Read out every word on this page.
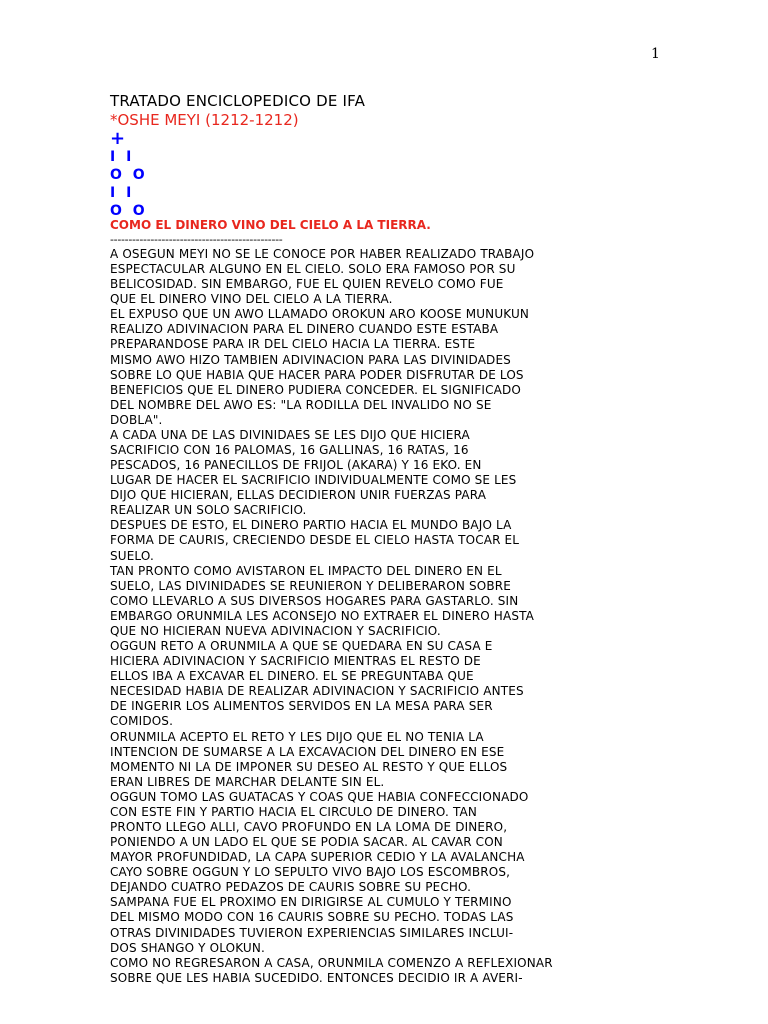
1
TRATADO ENCICLOPEDICO DE IFA
*OSHE MEYI (1212-1212)
+
I I
O O
I I
O O
COMO EL DINERO VINO DEL CIELO A LA TIERRA.
-----------------------------------------------
A OSEGUN MEYI NO SE LE CONOCE POR HABER REALIZADO TRABAJO
ESPECTACULAR ALGUNO EN EL CIELO. SOLO ERA FAMOSO POR SU
BELICOSIDAD. SIN EMBARGO, FUE EL QUIEN REVELO COMO FUE
QUE EL DINERO VINO DEL CIELO A LA TIERRA.
EL EXPUSO QUE UN AWO LLAMADO OROKUN ARO KOOSE MUNUKUN
REALIZO ADIVINACION PARA EL DINERO CUANDO ESTE ESTABA
PREPARANDOSE PARA IR DEL CIELO HACIA LA TIERRA. ESTE
MISMO AWO HIZO TAMBIEN ADIVINACION PARA LAS DIVINIDADES
SOBRE LO QUE HABIA QUE HACER PARA PODER DISFRUTAR DE LOS
BENEFICIOS QUE EL DINERO PUDIERA CONCEDER. EL SIGNIFICADO
DEL NOMBRE DEL AWO ES: "LA RODILLA DEL INVALIDO NO SE
DOBLA".
A CADA UNA DE LAS DIVINIDAES SE LES DIJO QUE HICIERA
SACRIFICIO CON 16 PALOMAS, 16 GALLINAS, 16 RATAS, 16
PESCADOS, 16 PANECILLOS DE FRIJOL (AKARA) Y 16 EKO. EN
LUGAR DE HACER EL SACRIFICIO INDIVIDUALMENTE COMO SE LES
DIJO QUE HICIERAN, ELLAS DECIDIERON UNIR FUERZAS PARA
REALIZAR UN SOLO SACRIFICIO.
DESPUES DE ESTO, EL DINERO PARTIO HACIA EL MUNDO BAJO LA
FORMA DE CAURIS, CRECIENDO DESDE EL CIELO HASTA TOCAR EL
SUELO.
TAN PRONTO COMO AVISTARON EL IMPACTO DEL DINERO EN EL
SUELO, LAS DIVINIDADES SE REUNIERON Y DELIBERARON SOBRE
COMO LLEVARLO A SUS DIVERSOS HOGARES PARA GASTARLO. SIN
EMBARGO ORUNMILA LES ACONSEJO NO EXTRAER EL DINERO HASTA
QUE NO HICIERAN NUEVA ADIVINACION Y SACRIFICIO.
OGGUN RETO A ORUNMILA A QUE SE QUEDARA EN SU CASA E
HICIERA ADIVINACION Y SACRIFICIO MIENTRAS EL RESTO DE
ELLOS IBA A EXCAVAR EL DINERO. EL SE PREGUNTABA QUE
NECESIDAD HABIA DE REALIZAR ADIVINACION Y SACRIFICIO ANTES
DE INGERIR LOS ALIMENTOS SERVIDOS EN LA MESA PARA SER
COMIDOS.
ORUNMILA ACEPTO EL RETO Y LES DIJO QUE EL NO TENIA LA
INTENCION DE SUMARSE A LA EXCAVACION DEL DINERO EN ESE
MOMENTO NI LA DE IMPONER SU DESEO AL RESTO Y QUE ELLOS
ERAN LIBRES DE MARCHAR DELANTE SIN EL.
OGGUN TOMO LAS GUATACAS Y COAS QUE HABIA CONFECCIONADO
CON ESTE FIN Y PARTIO HACIA EL CIRCULO DE DINERO. TAN
PRONTO LLEGO ALLI, CAVO PROFUNDO EN LA LOMA DE DINERO,
PONIENDO A UN LADO EL QUE SE PODIA SACAR. AL CAVAR CON
MAYOR PROFUNDIDAD, LA CAPA SUPERIOR CEDIO Y LA AVALANCHA
CAYO SOBRE OGGUN Y LO SEPULTO VIVO BAJO LOS ESCOMBROS,
DEJANDO CUATRO PEDAZOS DE CAURIS SOBRE SU PECHO.
SAMPANA FUE EL PROXIMO EN DIRIGIRSE AL CUMULO Y TERMINO
DEL MISMO MODO CON 16 CAURIS SOBRE SU PECHO. TODAS LAS
OTRAS DIVINIDADES TUVIERON EXPERIENCIAS SIMILARES INCLUI-
DOS SHANGO Y OLOKUN.
COMO NO REGRESARON A CASA, ORUNMILA COMENZO A REFLEXIONAR
SOBRE QUE LES HABIA SUCEDIDO. ENTONCES DECIDIO IR A AVERI-
